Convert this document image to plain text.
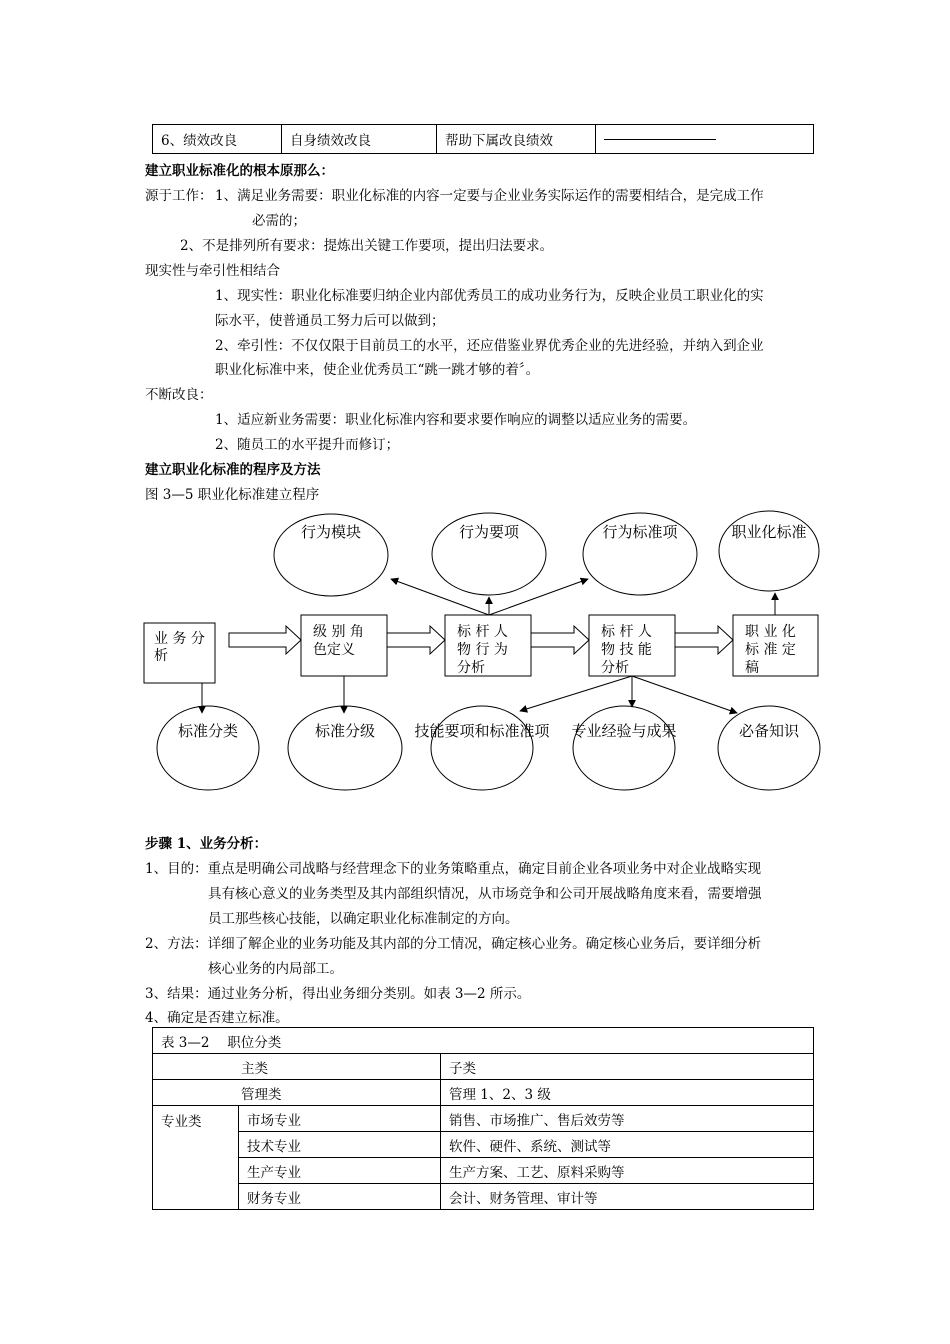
6、绩效改良	自身绩效改良	帮助下属改良绩效	
建立职业标准化的根本原那么：
源于工作： 1、满足业务需要：职业化标准的内容一定要与企业业务实际运作的需要相结合，是完成工作
必需的；
2、不是排列所有要求：提炼出关键工作要项，提出归法要求。
现实性与牵引性相结合
1、现实性：职业化标准要归纳企业内部优秀员工的成功业务行为，反映企业员工职业化的实
际水平，使普通员工努力后可以做到；
2、牵引性：不仅仅限于目前员工的水平，还应借鉴业界优秀企业的先进经验，并纳入到企业
职业化标准中来，使企业优秀员工“跳一跳才够的着〞。
不断改良：
1、适应新业务需要：职业化标准内容和要求要作响应的调整以适应业务的需要。
2、随员工的水平提升而修订；
建立职业化标准的程序及方法
图 3—5 职业化标准建立程序
行为模块	行为要项	行为标准项	职业化标准
标准分类	标准分级	技能要项和标准准项 专业经验与成果	必备知识
业 务 分
析
级 别 角
色定义
标 杆 人
物 行 为
分析
标 杆 人
物 技 能
分析
职 业 化
标 准 定
稿
步骤 1、业务分析：
1、目的：重点是明确公司战略与经营理念下的业务策略重点，确定目前企业各项业务中对企业战略实现
具有核心意义的业务类型及其内部组织情况，从市场竞争和公司开展战略角度来看，需要增强
员工那些核心技能，以确定职业化标准制定的方向。
2、方法：详细了解企业的业务功能及其内部的分工情况，确定核心业务。确定核心业务后，要详细分析
核心业务的内局部工。
3、结果：通过业务分析，得出业务细分类别。如表 3—2 所示。
4、确定是否建立标准。
表 3—2　 职位分类		
主类		子类
管理类		管理 1、2、3 级
专业类	市场专业	销售、市场推广、售后效劳等
	技术专业	软件、硬件、系统、测试等
	生产专业	生产方案、工艺、原料采购等
	财务专业	会计、财务管理、审计等
